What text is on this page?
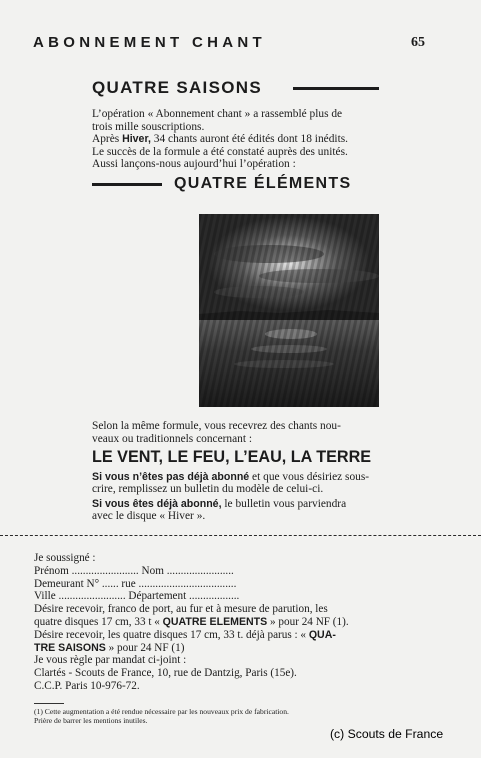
ABONNEMENT CHANT	65
QUATRE SAISONS
L’opération « Abonnement chant » a rassemblé plus de
trois mille souscriptions.
Après Hiver, 34 chants auront été édités dont 18 inédits.
Le succès de la formule a été constaté auprès des unités.
Aussi lançons-nous aujourd’hui l’opération :
QUATRE ÉLÉMENTS
Selon la même formule, vous recevrez des chants nou-
veaux ou traditionnels concernant :
LE VENT, LE FEU, L’EAU, LA TERRE
Si vous n’êtes pas déjà abonné et que vous désiriez sous-
crire, remplissez un bulletin du modèle de celui-ci.
Si vous êtes déjà abonné, le bulletin vous parviendra
avec le disque « Hiver ».
Je soussigné :
Prénom ........................ Nom ........................
Demeurant N° ...... rue ...................................
Ville ........................ Département ..................
Désire recevoir, franco de port, au fur et à mesure de parution, les
quatre disques 17 cm, 33 t « QUATRE ELEMENTS » pour 24 NF (1).
Désire recevoir, les quatre disques 17 cm, 33 t. déjà parus : « QUA-
TRE SAISONS » pour 24 NF (1)
Je vous règle par mandat ci-joint :
Clartés - Scouts de France, 10, rue de Dantzig, Paris (15e).
C.C.P. Paris 10-976-72.
(1) Cette augmentation a été rendue nécessaire par les nouveaux prix de fabrication.
Prière de barrer les mentions inutiles.
(c) Scouts de France
